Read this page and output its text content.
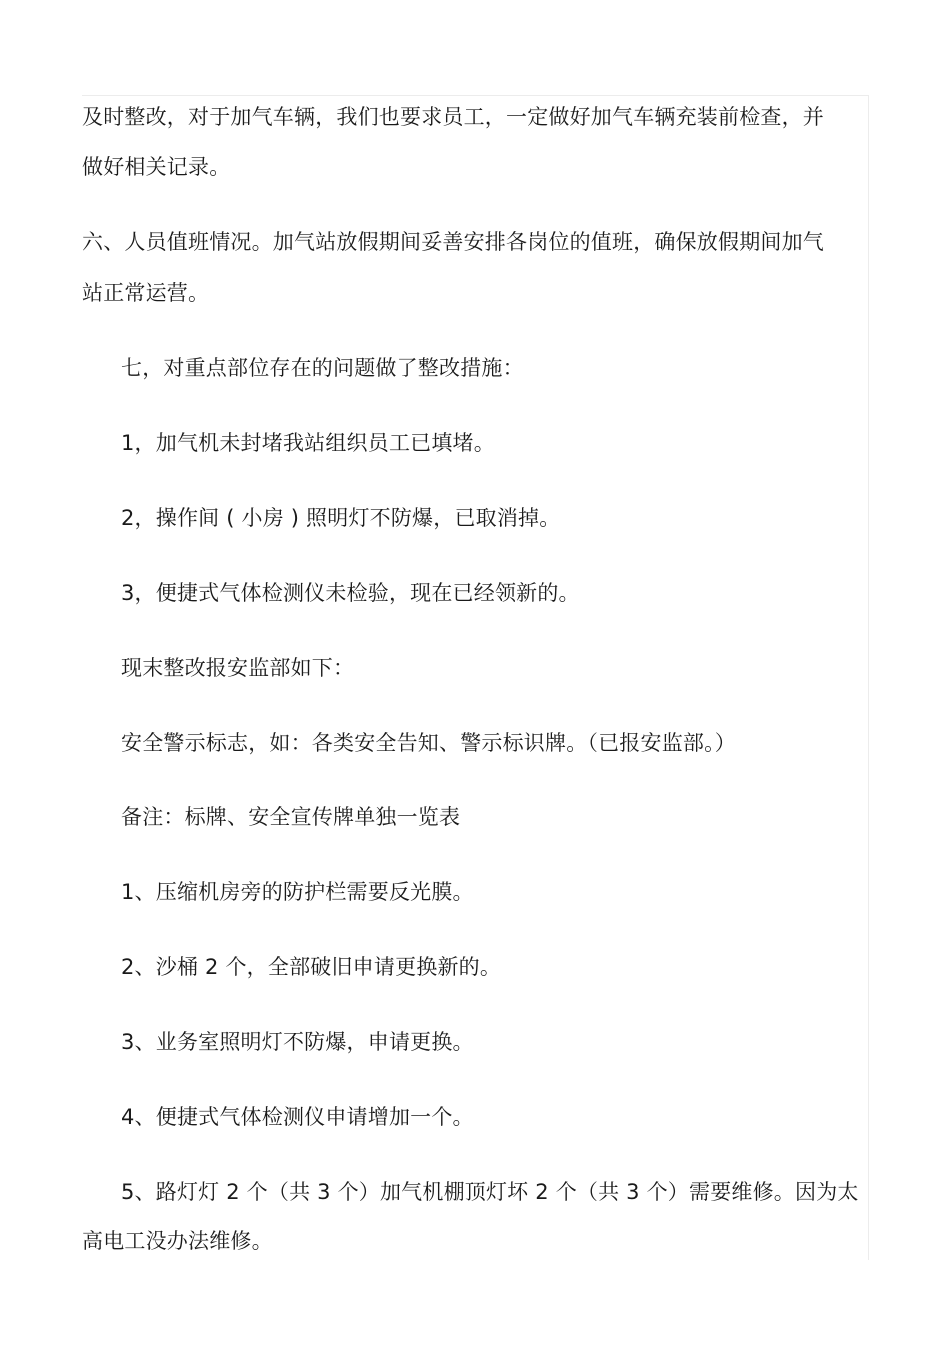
及时整改，对于加气车辆，我们也要求员工，一定做好加气车辆充装前检查，并
做好相关记录。
六、人员值班情况。加气站放假期间妥善安排各岗位的值班，确保放假期间加气
站正常运营。
七，对重点部位存在的问题做了整改措施：
1，加气机未封堵我站组织员工已填堵。
2，操作间 ( 小房 ) 照明灯不防爆，已取消掉。
3，便捷式气体检测仪未检验，现在已经领新的。
现末整改报安监部如下：
安全警示标志，如：各类安全告知、警示标识牌。（已报安监部。）
备注：标牌、安全宣传牌单独一览表
1、压缩机房旁的防护栏需要反光膜。
2、沙桶 2 个，全部破旧申请更换新的。
3、业务室照明灯不防爆，申请更换。
4、便捷式气体检测仪申请增加一个。
5、路灯灯 2 个（共 3 个）加气机棚顶灯坏 2 个（共 3 个）需要维修。因为太
高电工没办法维修。
